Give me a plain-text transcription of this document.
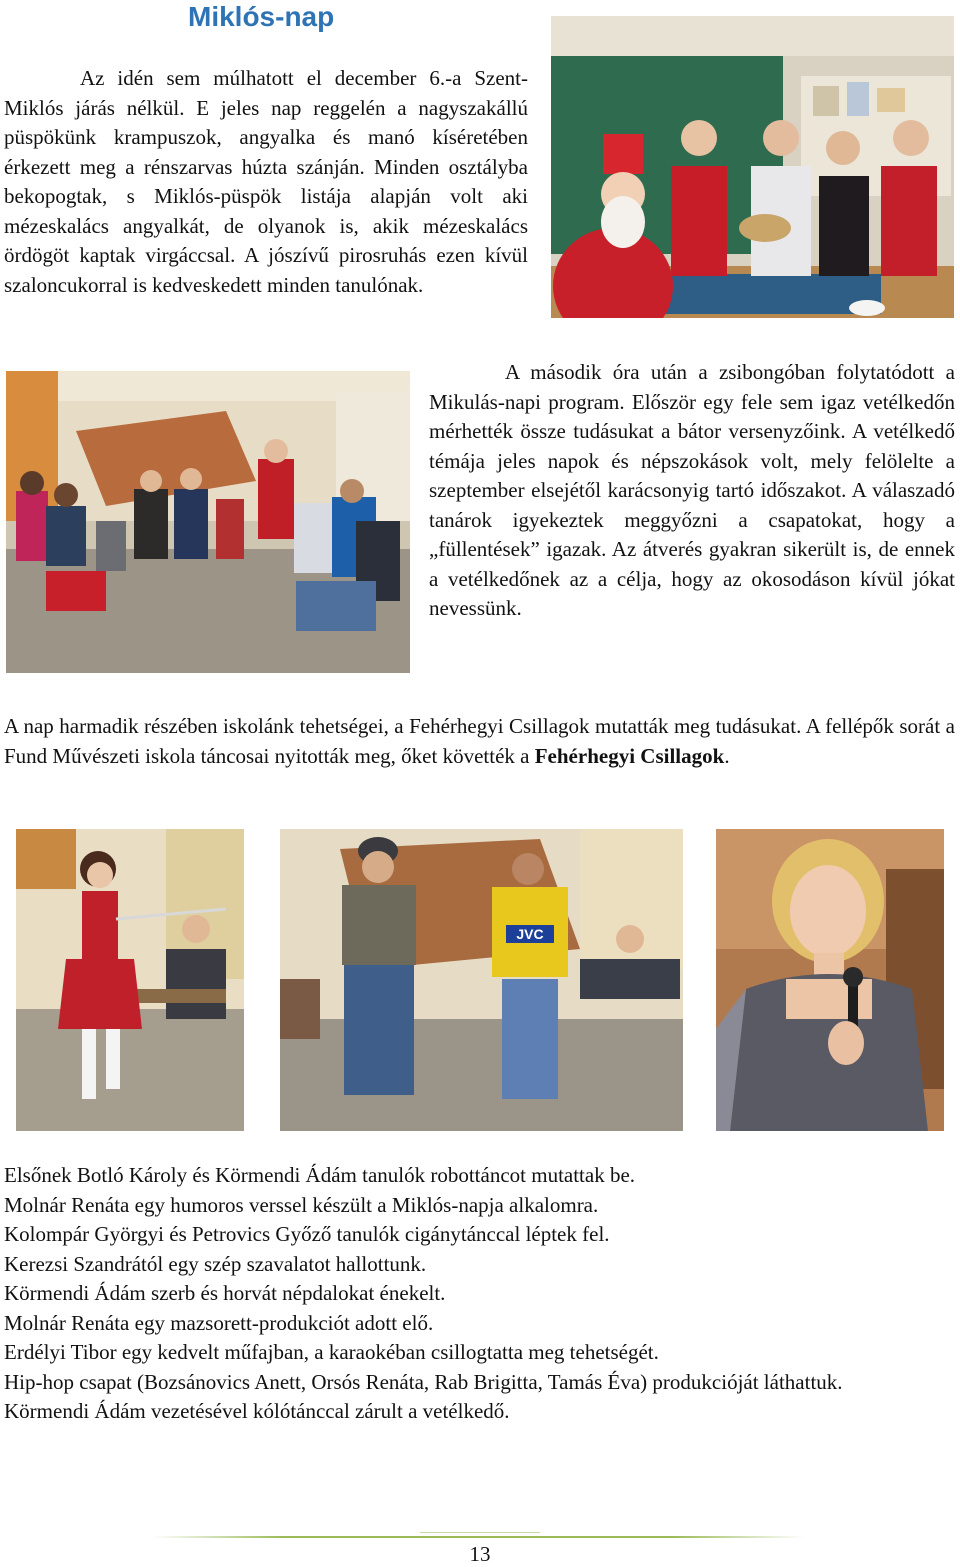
Miklós-nap

Az idén sem múlhatott el december 6.-a Szent-Miklós járás nélkül. E jeles nap reggelén a nagyszakállú püspökünk krampuszok, angyalka és manó kíséretében érkezett meg a rénszarvas húzta szánján. Minden osztályba bekopogtak, s Miklós-püspök listája alapján volt aki mézeskalács angyalkát, de olyanok is, akik mézeskalács ördögöt kaptak virgáccsal. A jószívű pirosruhás ezen kívül szaloncukorral is kedveskedett minden tanulónak.

A második óra után a zsibongóban folytatódott a Mikulás-napi program. Először egy fele sem igaz vetélkedőn mérhették össze tudásukat a bátor versenyzőink. A vetélkedő témája jeles napok és népszokások volt, mely felölelte a szeptember elsejétől karácsonyig tartó időszakot. A válaszadó tanárok igyekeztek meggyőzni a csapatokat, hogy a „füllentések” igazak. Az átverés gyakran sikerült is, de ennek a vetélkedőnek az a célja, hogy az okosodáson kívül jókat nevessünk.

A nap harmadik részében iskolánk tehetségei, a Fehérhegyi Csillagok mutatták meg tudásukat. A fellépők sorát a Fund Művészeti iskola táncosai nyitották meg, őket követték a Fehérhegyi Csillagok.

JVC
Elsőnek Botló Károly és Körmendi Ádám tanulók robottáncot mutattak be.
Molnár Renáta egy humoros verssel készült a Miklós-napja alkalomra.
Kolompár Györgyi és Petrovics Győző tanulók cigánytánccal léptek fel.
Kerezsi Szandrától egy szép szavalatot hallottunk.
Körmendi Ádám szerb és horvát népdalokat énekelt.
Molnár Renáta egy mazsorett-produkciót adott elő.
Erdélyi Tibor egy kedvelt műfajban, a karaokéban csillogtatta meg tehetségét.
Hip-hop csapat (Bozsánovics Anett, Orsós Renáta, Rab Brigitta, Tamás Éva) produkcióját láthattuk.
Körmendi Ádám vezetésével kólótánccal zárult a vetélkedő.
13
